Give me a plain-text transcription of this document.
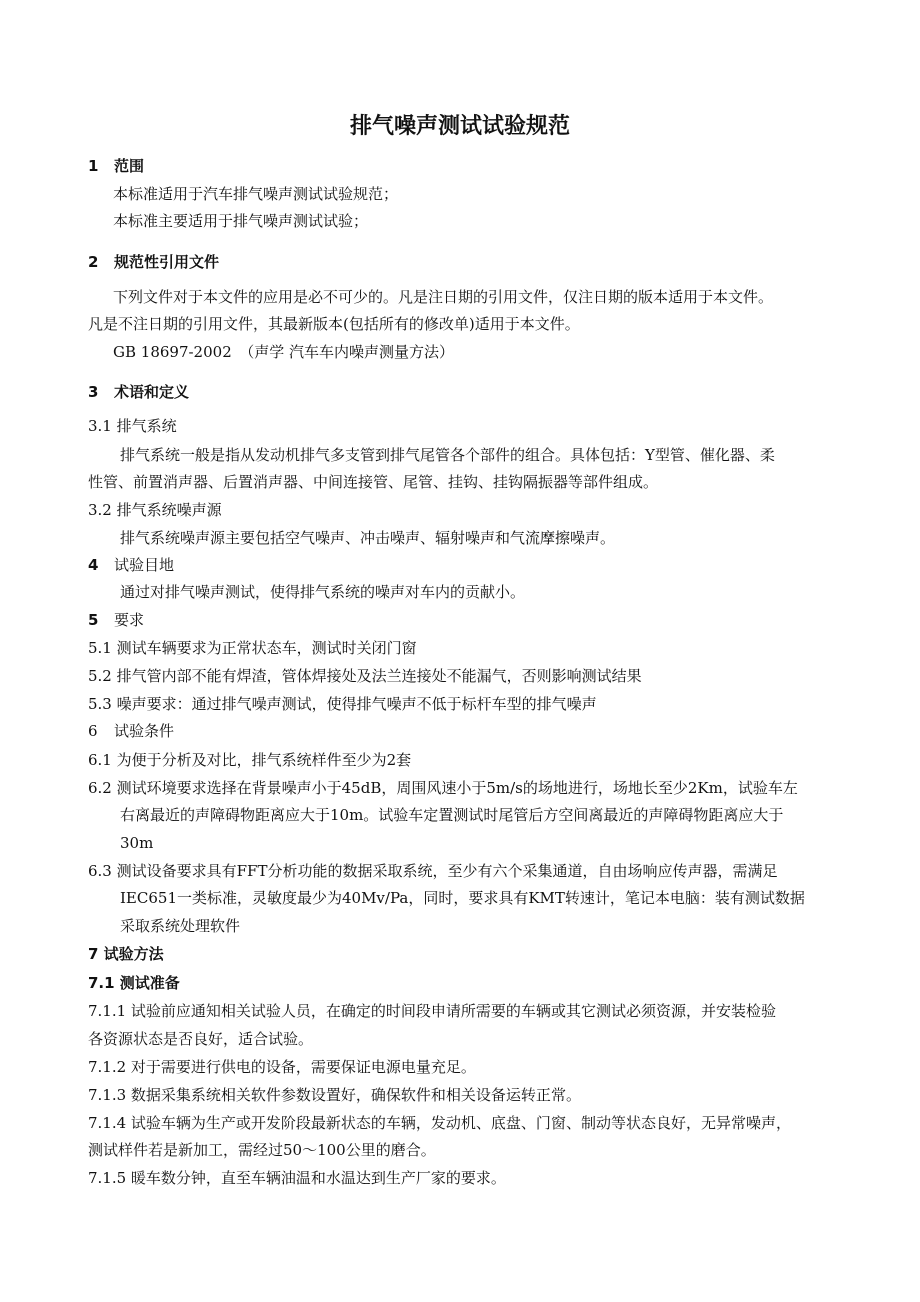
排气噪声测试试验规范
1 范围
本标准适用于汽车排气噪声测试试验规范；
本标准主要适用于排气噪声测试试验；
2 规范性引用文件
下列文件对于本文件的应用是必不可少的。凡是注日期的引用文件，仅注日期的版本适用于本文件。
凡是不注日期的引用文件，其最新版本(包括所有的修改单)适用于本文件。
GB 18697-2002　（声学 汽车车内噪声测量方法）
3 术语和定义
3.1 排气系统
排气系统一般是指从发动机排气多支管到排气尾管各个部件的组合。具体包括：Y型管、催化器、柔
性管、前置消声器、后置消声器、中间连接管、尾管、挂钩、挂钩隔振器等部件组成。
3.2 排气系统噪声源
排气系统噪声源主要包括空气噪声、冲击噪声、辐射噪声和气流摩擦噪声。
4 试验目地
通过对排气噪声测试，使得排气系统的噪声对车内的贡献小。
5 要求
5.1 测试车辆要求为正常状态车，测试时关闭门窗
5.2 排气管内部不能有焊渣，管体焊接处及法兰连接处不能漏气，否则影响测试结果
5.3 噪声要求：通过排气噪声测试，使得排气噪声不低于标杆车型的排气噪声
6 试验条件
6.1 为便于分析及对比，排气系统样件至少为2套
6.2 测试环境要求选择在背景噪声小于45dB，周围风速小于5m/s的场地进行，场地长至少2Km，试验车左
右离最近的声障碍物距离应大于10m。试验车定置测试时尾管后方空间离最近的声障碍物距离应大于
30m
6.3 测试设备要求具有FFT分析功能的数据采取系统，至少有六个采集通道，自由场响应传声器，需满足
IEC651一类标准，灵敏度最少为40Mv/Pa，同时，要求具有KMT转速计，笔记本电脑：装有测试数据
采取系统处理软件
7 试验方法
7.1 测试准备
7.1.1 试验前应通知相关试验人员，在确定的时间段申请所需要的车辆或其它测试必须资源，并安装检验
各资源状态是否良好，适合试验。
7.1.2 对于需要进行供电的设备，需要保证电源电量充足。
7.1.3 数据采集系统相关软件参数设置好，确保软件和相关设备运转正常。
7.1.4 试验车辆为生产或开发阶段最新状态的车辆，发动机、底盘、门窗、制动等状态良好，无异常噪声，
测试样件若是新加工，需经过50～100公里的磨合。
7.1.5 暖车数分钟，直至车辆油温和水温达到生产厂家的要求。
